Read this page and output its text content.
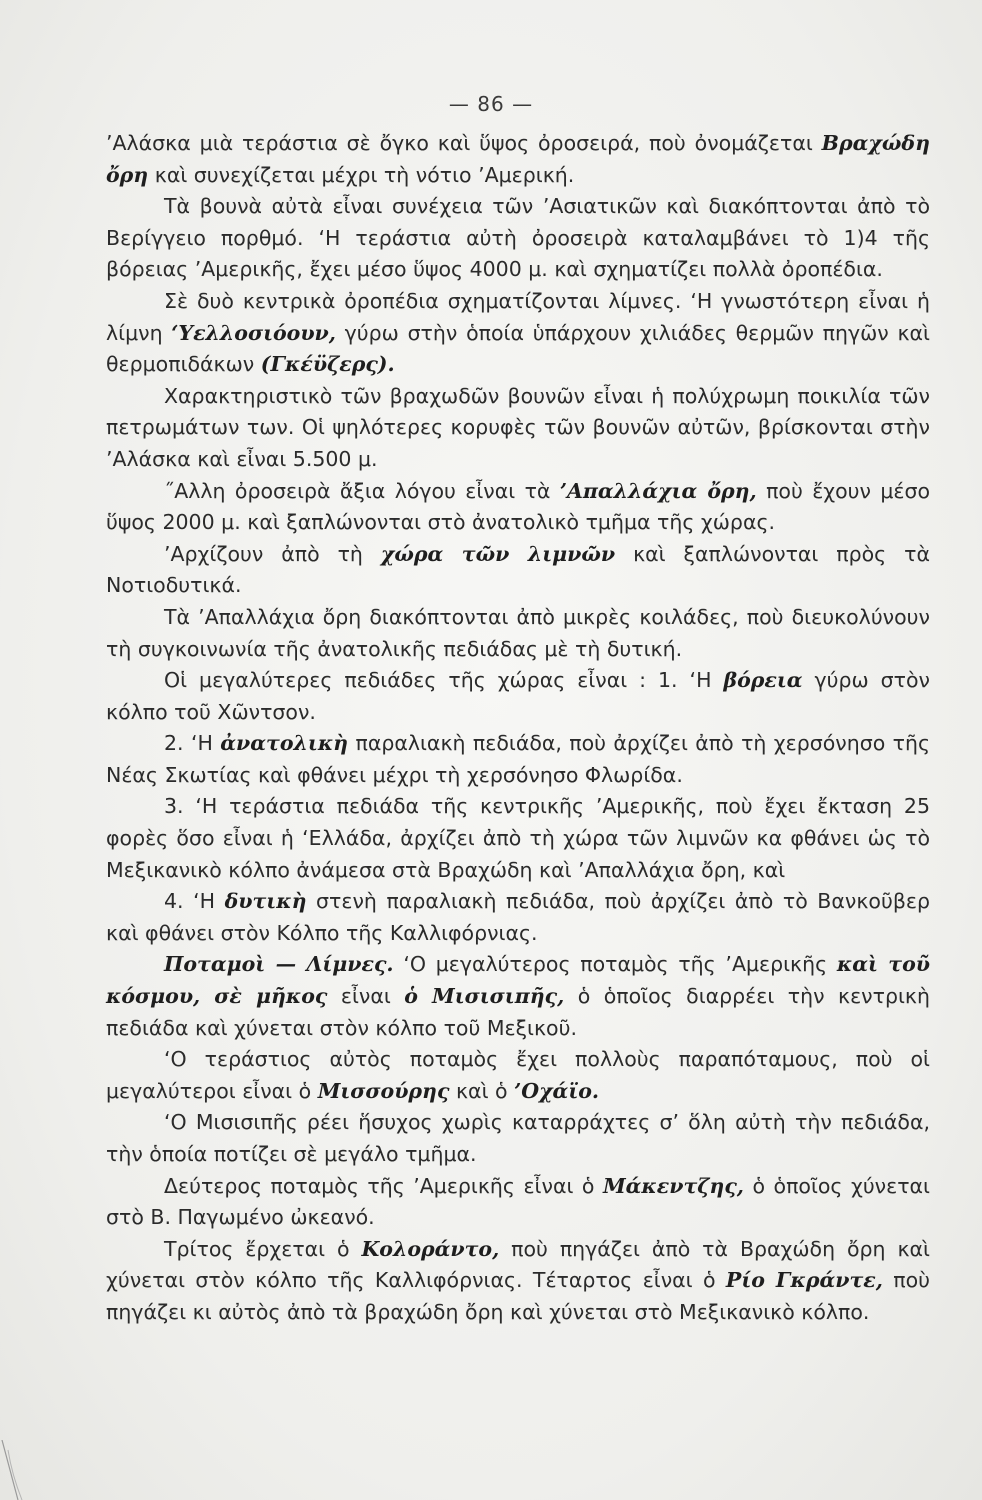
— 86 —

’Αλάσκα μιὰ τεράστια σὲ ὄγκο καὶ ὕψος ὀροσειρά, ποὺ ὀνομάζεται Βραχώδη ὄρη καὶ συνεχίζεται μέχρι τὴ νότιο ’Αμερική.

Τὰ βουνὰ αὐτὰ εἶναι συνέχεια τῶν ’Ασιατικῶν καὶ διακόπτονται ἀπὸ τὸ Βερίγγειο πορθμό. ‘Η τεράστια αὐτὴ ὀροσειρὰ καταλαμβάνει τὸ 1)4 τῆς βόρειας ’Αμερικῆς, ἔχει μέσο ὕψος 4000 μ. καὶ σχηματίζει πολλὰ ὀροπέδια.

Σὲ δυὸ κεντρικὰ ὀροπέδια σχηματίζονται λίμνες. ‘Η γνωστότερη εἶναι ἡ λίμνη ‘Υελλοσιόουν, γύρω στὴν ὁποία ὑπάρχουν χιλιάδες θερμῶν πηγῶν καὶ θερμοπιδάκων (Γκέϋζερς).

Χαρακτηριστικὸ τῶν βραχωδῶν βουνῶν εἶναι ἡ πολύχρωμη ποικιλία τῶν πετρωμάτων των. Οἱ ψηλότερες κορυφὲς τῶν βουνῶν αὐτῶν, βρίσκονται στὴν ’Αλάσκα καὶ εἶναι 5.500 μ.

˝Αλλη ὀροσειρὰ ἄξια λόγου εἶναι τὰ ’Απαλλάχια ὄρη, ποὺ ἔχουν μέσο ὕψος 2000 μ. καὶ ξαπλώνονται στὸ ἀνατολικὸ τμῆμα τῆς χώρας.

’Αρχίζουν ἀπὸ τὴ χώρα τῶν λιμνῶν καὶ ξαπλώνονται πρὸς τὰ Νοτιοδυτικά.

Τὰ ’Απαλλάχια ὄρη διακόπτονται ἀπὸ μικρὲς κοιλάδες, ποὺ διευκολύνουν τὴ συγκοινωνία τῆς ἀνατολικῆς πεδιάδας μὲ τὴ δυτική.

Οἱ μεγαλύτερες πεδιάδες τῆς χώρας εἶναι : 1. ‘Η βόρεια γύρω στὸν κόλπο τοῦ Χῶντσον.

2. ‘Η ἀνατολικὴ παραλιακὴ πεδιάδα, ποὺ ἀρχίζει ἀπὸ τὴ χερσόνησο τῆς Νέας Σκωτίας καὶ φθάνει μέχρι τὴ χερσόνησο Φλωρίδα.

3. ‘Η τεράστια πεδιάδα τῆς κεντρικῆς ’Αμερικῆς, ποὺ ἔχει ἔκταση 25 φορὲς ὅσο εἶναι ἡ ‘Ελλάδα, ἀρχίζει ἀπὸ τὴ χώρα τῶν λιμνῶν κα φθάνει ὡς τὸ Μεξικανικὸ κόλπο ἀνάμεσα στὰ Βραχώδη καὶ ’Απαλλάχια ὄρη, καὶ

4. ‘Η δυτικὴ στενὴ παραλιακὴ πεδιάδα, ποὺ ἀρχίζει ἀπὸ τὸ Βανκοῦβερ καὶ φθάνει στὸν Κόλπο τῆς Καλλιφόρνιας.

Ποταμοὶ — Λίμνες. ‘Ο μεγαλύτερος ποταμὸς τῆς ’Αμερικῆς καὶ τοῦ κόσμου, σὲ μῆκος εἶναι ὁ Μισισιπῆς, ὁ ὁποῖος διαρρέει τὴν κεντρικὴ πεδιάδα καὶ χύνεται στὸν κόλπο τοῦ Μεξικοῦ.

‘Ο τεράστιος αὐτὸς ποταμὸς ἔχει πολλοὺς παραπόταμους, ποὺ οἱ μεγαλύτεροι εἶναι ὁ Μισσούρης καὶ ὁ ’Οχάϊο.

‘Ο Μισισιπῆς ρέει ἥσυχος χωρὶς καταρράχτες σ’ ὅλη αὐτὴ τὴν πεδιάδα, τὴν ὁποία ποτίζει σὲ μεγάλο τμῆμα.

Δεύτερος ποταμὸς τῆς ’Αμερικῆς εἶναι ὁ Μάκεντζης, ὁ ὁποῖος χύνεται στὸ Β. Παγωμένο ὠκεανό.

Τρίτος ἔρχεται ὁ Κολοράντο, ποὺ πηγάζει ἀπὸ τὰ Βραχώδη ὄρη καὶ χύνεται στὸν κόλπο τῆς Καλλιφόρνιας. Τέταρτος εἶναι ὁ Ρίο Γκράντε, ποὺ πηγάζει κι αὐτὸς ἀπὸ τὰ βραχώδη ὄρη καὶ χύνεται στὸ Μεξικανικὸ κόλπο.
